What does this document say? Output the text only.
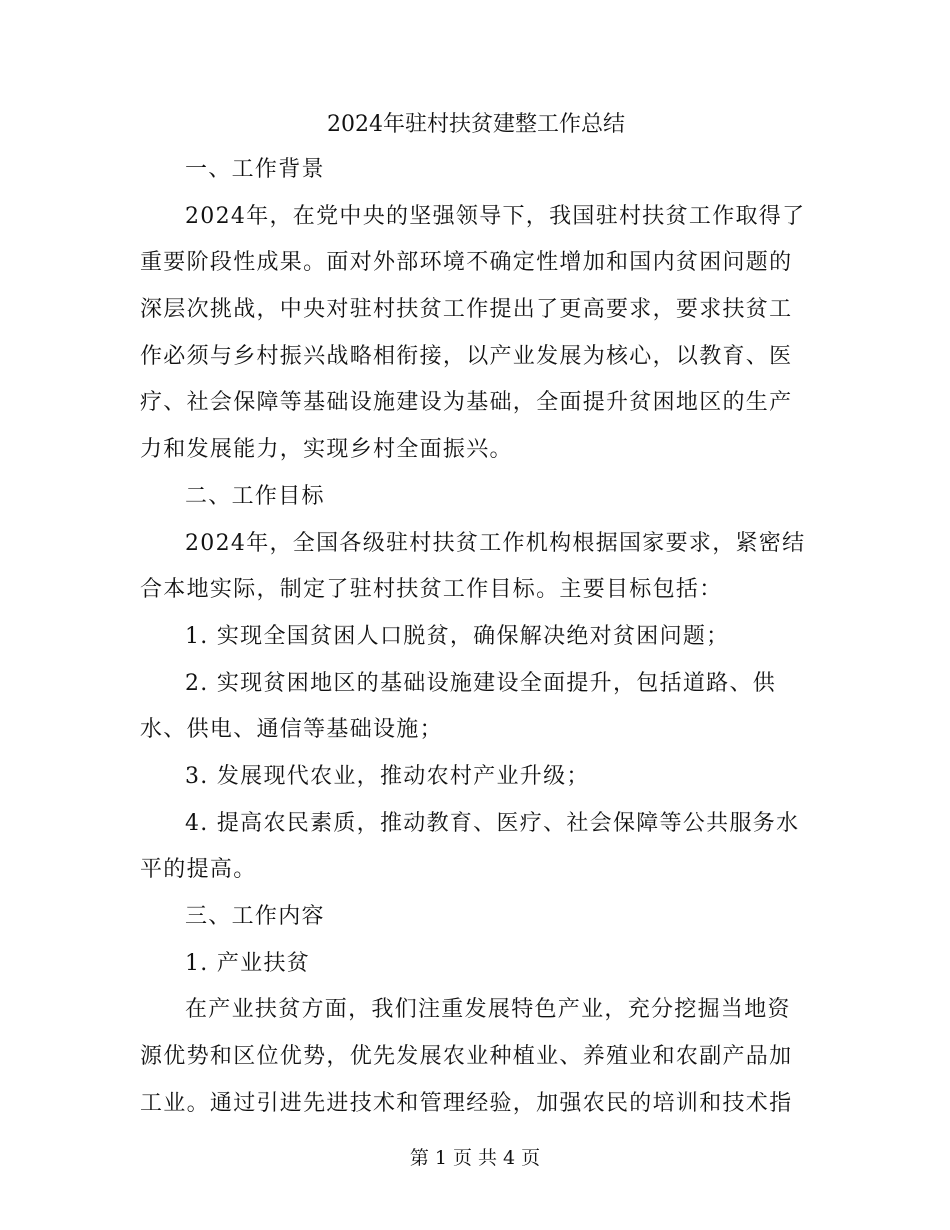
2024年驻村扶贫建整工作总结

一、工作背景

2024年，在党中央的坚强领导下，我国驻村扶贫工作取得了

重要阶段性成果。面对外部环境不确定性增加和国内贫困问题的

深层次挑战，中央对驻村扶贫工作提出了更高要求，要求扶贫工

作必须与乡村振兴战略相衔接，以产业发展为核心，以教育、医

疗、社会保障等基础设施建设为基础，全面提升贫困地区的生产

力和发展能力，实现乡村全面振兴。

二、工作目标

2024年，全国各级驻村扶贫工作机构根据国家要求，紧密结

合本地实际，制定了驻村扶贫工作目标。主要目标包括：

1. 实现全国贫困人口脱贫，确保解决绝对贫困问题；

2. 实现贫困地区的基础设施建设全面提升，包括道路、供

水、供电、通信等基础设施；

3. 发展现代农业，推动农村产业升级；

4. 提高农民素质，推动教育、医疗、社会保障等公共服务水

平的提高。

三、工作内容

1. 产业扶贫

在产业扶贫方面，我们注重发展特色产业，充分挖掘当地资

源优势和区位优势，优先发展农业种植业、养殖业和农副产品加

工业。通过引进先进技术和管理经验，加强农民的培训和技术指

第 1 页 共 4 页
